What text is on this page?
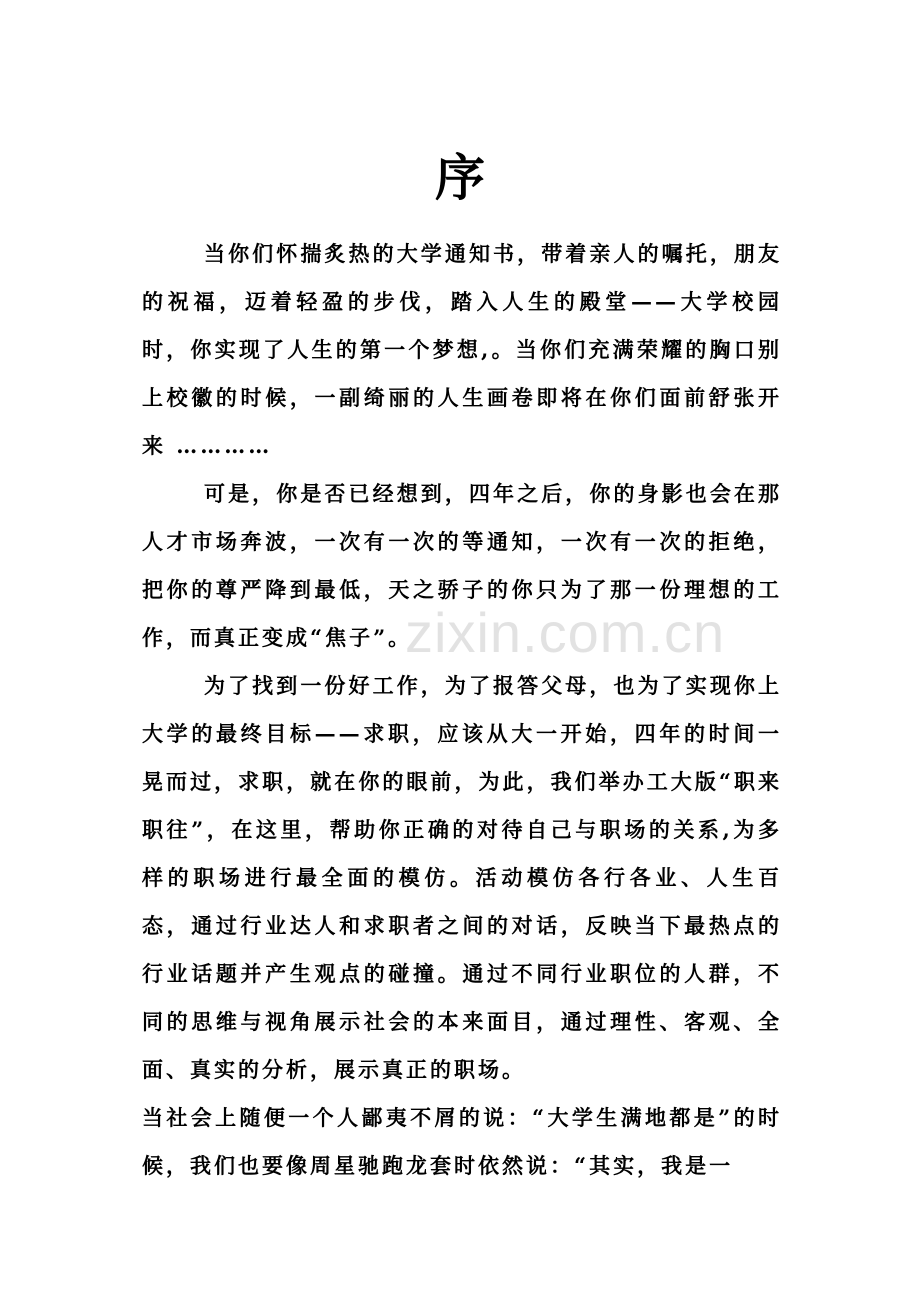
序

当你们怀揣炙热的大学通知书，带着亲人的嘱托，朋友的祝福，迈着轻盈的步伐，踏入人生的殿堂——大学校园时，你实现了人生的第一个梦想,。当你们充满荣耀的胸口别上校徽的时候，一副绮丽的人生画卷即将在你们面前舒张开来 …………

可是，你是否已经想到，四年之后，你的身影也会在那人才市场奔波，一次有一次的等通知，一次有一次的拒绝，把你的尊严降到最低，天之骄子的你只为了那一份理想的工作，而真正变成“焦子”。

为了找到一份好工作，为了报答父母，也为了实现你上大学的最终目标——求职，应该从大一开始，四年的时间一晃而过，求职，就在你的眼前，为此，我们举办工大版“职来职往”，在这里，帮助你正确的对待自己与职场的关系,为多样的职场进行最全面的模仿。活动模仿各行各业、人生百态，通过行业达人和求职者之间的对话，反映当下最热点的行业话题并产生观点的碰撞。通过不同行业职位的人群，不同的思维与视角展示社会的本来面目，通过理性、客观、全面、真实的分析，展示真正的职场。

当社会上随便一个人鄙夷不屑的说：“大学生满地都是”的时候，我们也要像周星驰跑龙套时依然说：“其实，我是一

zixin.com.cn
